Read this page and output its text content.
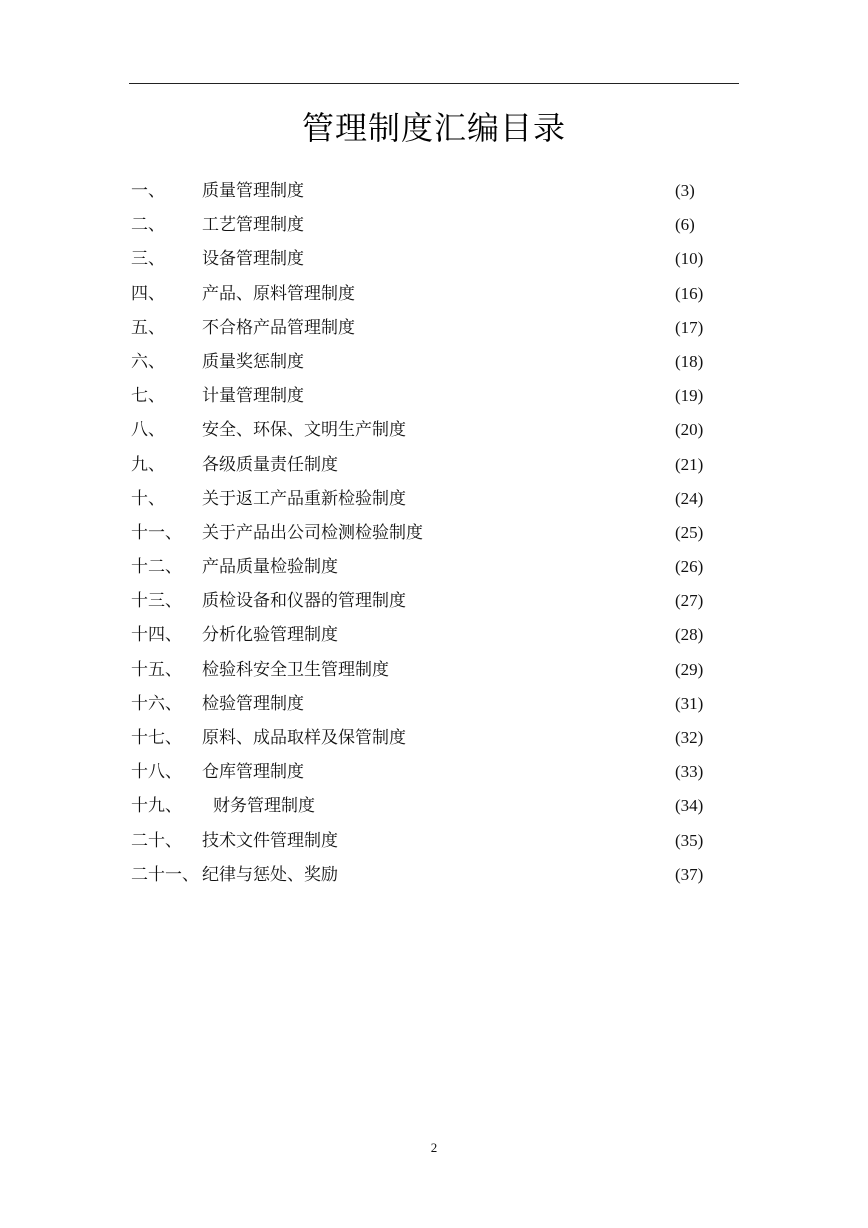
管理制度汇编目录
一、 质量管理制度	(3)
二、 工艺管理制度	(6)
三、 设备管理制度	(10)
四、 产品、原料管理制度	(16)
五、 不合格产品管理制度	(17)
六、 质量奖惩制度	(18)
七、 计量管理制度	(19)
八、 安全、环保、文明生产制度	(20)
九、 各级质量责任制度	(21)
十、 关于返工产品重新检验制度	(24)
十一、 关于产品出公司检测检验制度	(25)
十二、 产品质量检验制度	(26)
十三、 质检设备和仪器的管理制度	(27)
十四、 分析化验管理制度	(28)
十五、 检验科安全卫生管理制度	(29)
十六、 检验管理制度	(31)
十七、 原料、成品取样及保管制度	(32)
十八、 仓库管理制度	(33)
十九、 财务管理制度	(34)
二十、 技术文件管理制度	(35)
二十一、 纪律与惩处、奖励	(37)
2
